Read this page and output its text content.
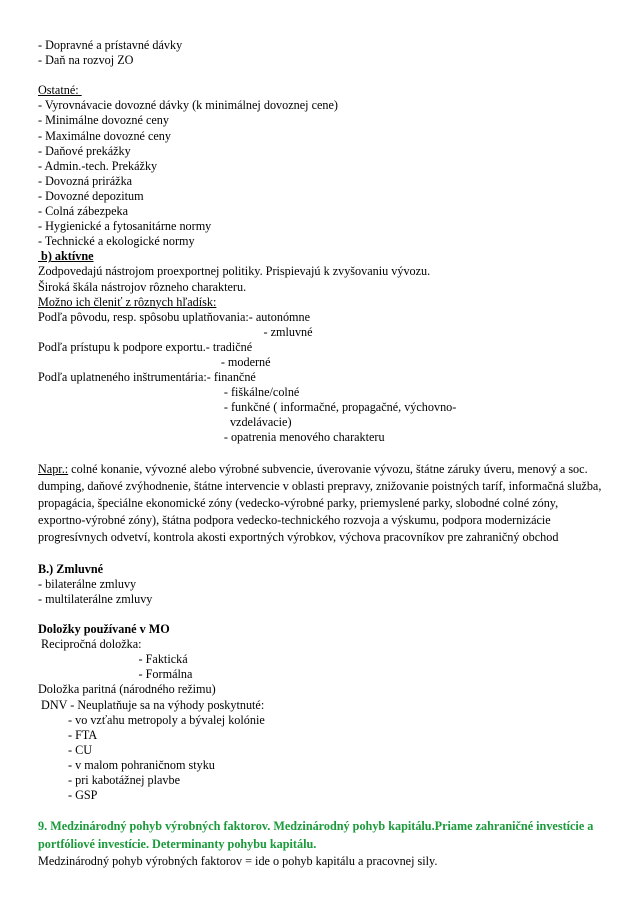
- Dopravné a prístavné dávky
- Daň na rozvoj ZO
Ostatné:
- Vyrovnávacie dovozné dávky (k minimálnej dovoznej cene)
- Minimálne dovozné ceny
- Maximálne dovozné ceny
- Daňové prekážky
- Admin.-tech. Prekážky
- Dovozná prirážka
- Dovozné depozitum
- Colná zábezpeka
- Hygienické a fytosanitárne normy
- Technické a ekologické normy
b) aktívne
Zodpovedajú nástrojom proexportnej politiky. Prispievajú k zvyšovaniu vývozu.
Široká škála nástrojov rôzneho charakteru.
Možno ich členiť z rôznych hľadísk:
Podľa pôvodu, resp. spôsobu uplatňovania:- autonómne
- zmluvné
Podľa prístupu k podpore exportu.- tradičné
- moderné
Podľa uplatneného inštrumentária:- finančné
- fiškálne/colné
- funkčné ( informačné, propagačné, výchovno-
vzdelávacie)
- opatrenia menového charakteru
Napr.: colné konanie, vývozné alebo výrobné subvencie, úverovanie vývozu, štátne záruky úveru, menový a soc. dumping, daňové zvýhodnenie, štátne intervencie v oblasti prepravy, znižovanie poistných taríf, informačná služba, propagácia, špeciálne ekonomické zóny (vedecko-výrobné parky, priemyslené parky, slobodné colné zóny, exportno-výrobné zóny), štátna podpora vedecko-technického rozvoja a výskumu, podpora modernizácie progresívnych odvetví, kontrola akosti exportných výrobkov, výchova pracovníkov pre zahraničný obchod
B.) Zmluvné
- bilaterálne zmluvy
- multilaterálne zmluvy
Doložky používané v MO
Recipročná doložka:
- Faktická
- Formálna
Doložka paritná (národného režimu)
DNV - Neuplatňuje sa na výhody poskytnuté:
- vo vzťahu metropoly a bývalej kolónie
- FTA
- CU
- v malom pohraničnom styku
- pri kabotážnej plavbe
- GSP
9. Medzinárodný pohyb výrobných faktorov. Medzinárodný pohyb kapitálu.Priame zahraničné investície a portfóliové investície. Determinanty pohybu kapitálu.
Medzinárodný pohyb výrobných faktorov = ide o pohyb kapitálu a pracovnej sily.
